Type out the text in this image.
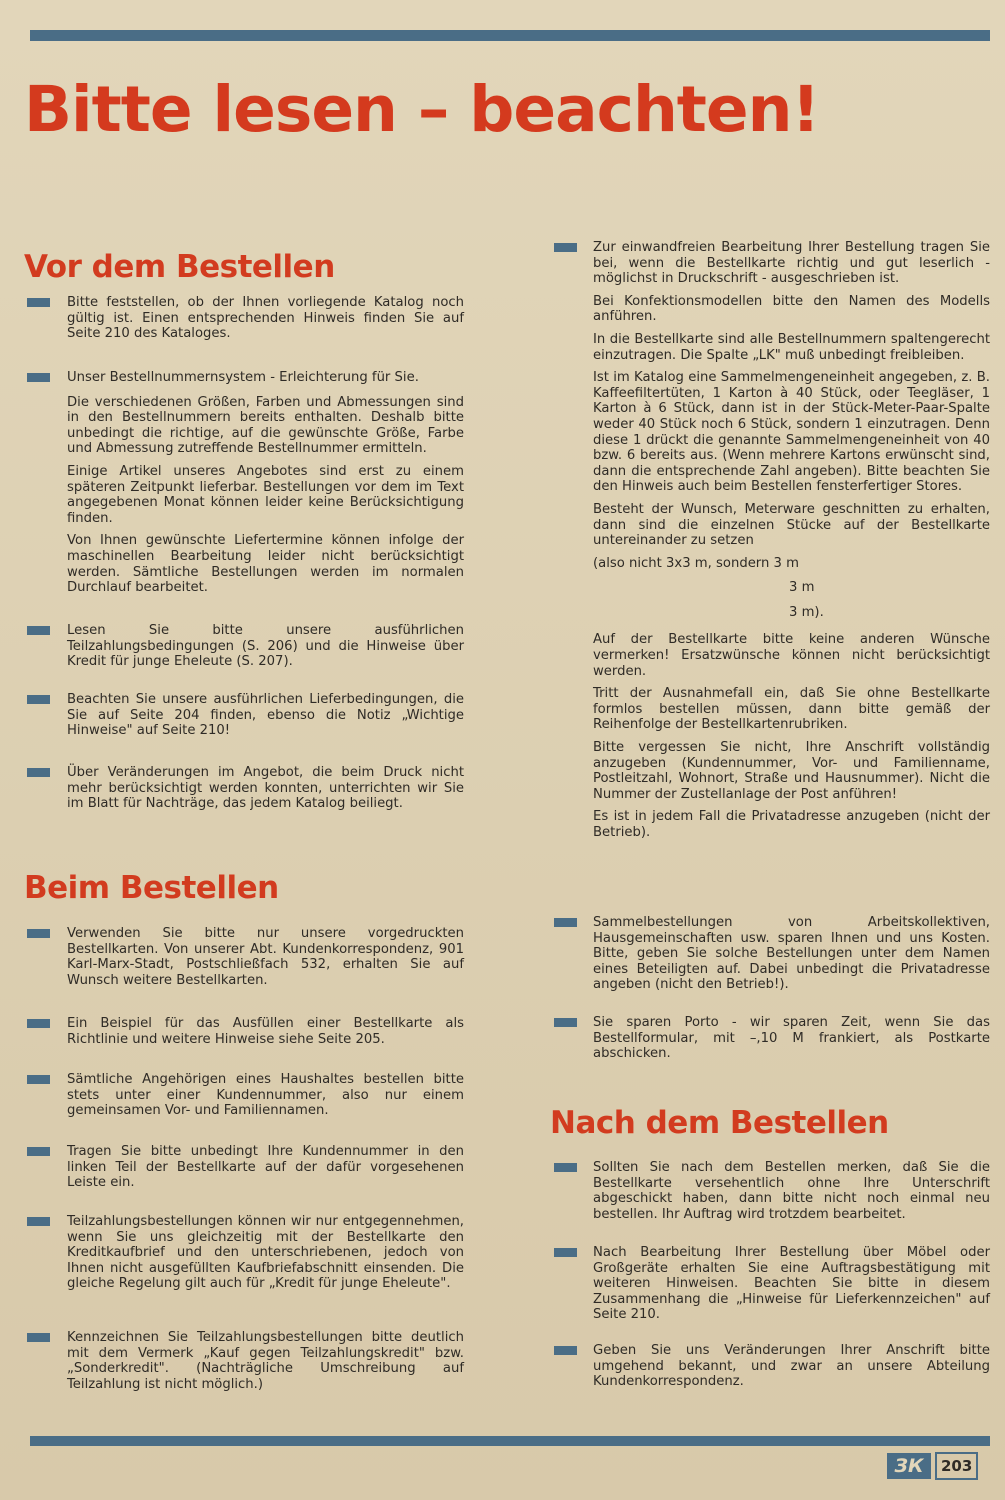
Bitte lesen – beachten!
Vor dem Bestellen

Bitte feststellen, ob der Ihnen vorliegende Katalog noch gültig ist. Einen entsprechenden Hinweis finden Sie auf Seite 210 des Kataloges.

Unser Bestellnummernsystem - Erleichterung für Sie.

Die verschiedenen Größen, Farben und Abmessungen sind in den Bestellnummern bereits enthalten. Deshalb bitte unbedingt die richtige, auf die gewünschte Größe, Farbe und Abmessung zutreffende Bestellnummer ermitteln.

Einige Artikel unseres Angebotes sind erst zu einem späteren Zeitpunkt lieferbar. Bestellungen vor dem im Text angegebenen Monat können leider keine Berücksichtigung finden.

Von Ihnen gewünschte Liefertermine können infolge der maschinellen Bearbeitung leider nicht berücksichtigt werden. Sämtliche Bestellungen werden im normalen Durchlauf bearbeitet.

Lesen Sie bitte unsere ausführlichen Teilzahlungsbedingungen (S. 206) und die Hinweise über Kredit für junge Eheleute (S. 207).

Beachten Sie unsere ausführlichen Lieferbedingungen, die Sie auf Seite 204 finden, ebenso die Notiz „Wichtige Hinweise" auf Seite 210!

Über Veränderungen im Angebot, die beim Druck nicht mehr berücksichtigt werden konnten, unterrichten wir Sie im Blatt für Nachträge, das jedem Katalog beiliegt.

Beim Bestellen

Verwenden Sie bitte nur unsere vorgedruckten Bestellkarten. Von unserer Abt. Kundenkorrespondenz, 901 Karl-Marx-Stadt, Postschließfach 532, erhalten Sie auf Wunsch weitere Bestellkarten.

Ein Beispiel für das Ausfüllen einer Bestellkarte als Richtlinie und weitere Hinweise siehe Seite 205.

Sämtliche Angehörigen eines Haushaltes bestellen bitte stets unter einer Kundennummer, also nur einem gemeinsamen Vor- und Familiennamen.

Tragen Sie bitte unbedingt Ihre Kundennummer in den linken Teil der Bestellkarte auf der dafür vorgesehenen Leiste ein.

Teilzahlungsbestellungen können wir nur entgegennehmen, wenn Sie uns gleichzeitig mit der Bestellkarte den Kreditkaufbrief und den unterschriebenen, jedoch von Ihnen nicht ausgefüllten Kaufbriefabschnitt einsenden. Die gleiche Regelung gilt auch für „Kredit für junge Eheleute".

Kennzeichnen Sie Teilzahlungsbestellungen bitte deutlich mit dem Vermerk „Kauf gegen Teilzahlungskredit" bzw. „Sonderkredit". (Nachträgliche Umschreibung auf Teilzahlung ist nicht möglich.)

Zur einwandfreien Bearbeitung Ihrer Bestellung tragen Sie bei, wenn die Bestellkarte richtig und gut leserlich - möglichst in Druckschrift - ausgeschrieben ist.

Bei Konfektionsmodellen bitte den Namen des Modells anführen.

In die Bestellkarte sind alle Bestellnummern spaltengerecht einzutragen. Die Spalte „LK" muß unbedingt freibleiben.

Ist im Katalog eine Sammelmengeneinheit angegeben, z. B. Kaffeefiltertüten, 1 Karton à 40 Stück, oder Teegläser, 1 Karton à 6 Stück, dann ist in der Stück-Meter-Paar-Spalte weder 40 Stück noch 6 Stück, sondern 1 einzutragen. Denn diese 1 drückt die genannte Sammelmengeneinheit von 40 bzw. 6 bereits aus. (Wenn mehrere Kartons erwünscht sind, dann die entsprechende Zahl angeben). Bitte beachten Sie den Hinweis auch beim Bestellen fensterfertiger Stores.

Besteht der Wunsch, Meterware geschnitten zu erhalten, dann sind die einzelnen Stücke auf der Bestellkarte untereinander zu setzen

(also nicht 3x3 m, sondern 3 m

3 m

3 m).

Auf der Bestellkarte bitte keine anderen Wünsche vermerken! Ersatzwünsche können nicht berücksichtigt werden.

Tritt der Ausnahmefall ein, daß Sie ohne Bestellkarte formlos bestellen müssen, dann bitte gemäß der Reihenfolge der Bestellkartenrubriken.

Bitte vergessen Sie nicht, Ihre Anschrift vollständig anzugeben (Kundennummer, Vor- und Familienname, Postleitzahl, Wohnort, Straße und Hausnummer). Nicht die Nummer der Zustellanlage der Post anführen!

Es ist in jedem Fall die Privatadresse anzugeben (nicht der Betrieb).

Sammelbestellungen von Arbeitskollektiven, Hausgemeinschaften usw. sparen Ihnen und uns Kosten. Bitte, geben Sie solche Bestellungen unter dem Namen eines Beteiligten auf. Dabei unbedingt die Privatadresse angeben (nicht den Betrieb!).

Sie sparen Porto - wir sparen Zeit, wenn Sie das Bestellformular, mit –,10 M frankiert, als Postkarte abschicken.

Nach dem Bestellen

Sollten Sie nach dem Bestellen merken, daß Sie die Bestellkarte versehentlich ohne Ihre Unterschrift abgeschickt haben, dann bitte nicht noch einmal neu bestellen. Ihr Auftrag wird trotzdem bearbeitet.

Nach Bearbeitung Ihrer Bestellung über Möbel oder Großgeräte erhalten Sie eine Auftragsbestätigung mit weiteren Hinweisen. Beachten Sie bitte in diesem Zusammenhang die „Hinweise für Lieferkennzeichen" auf Seite 210.

Geben Sie uns Veränderungen Ihrer Anschrift bitte umgehend bekannt, und zwar an unsere Abteilung Kundenkorrespondenz.

ЗК	203
